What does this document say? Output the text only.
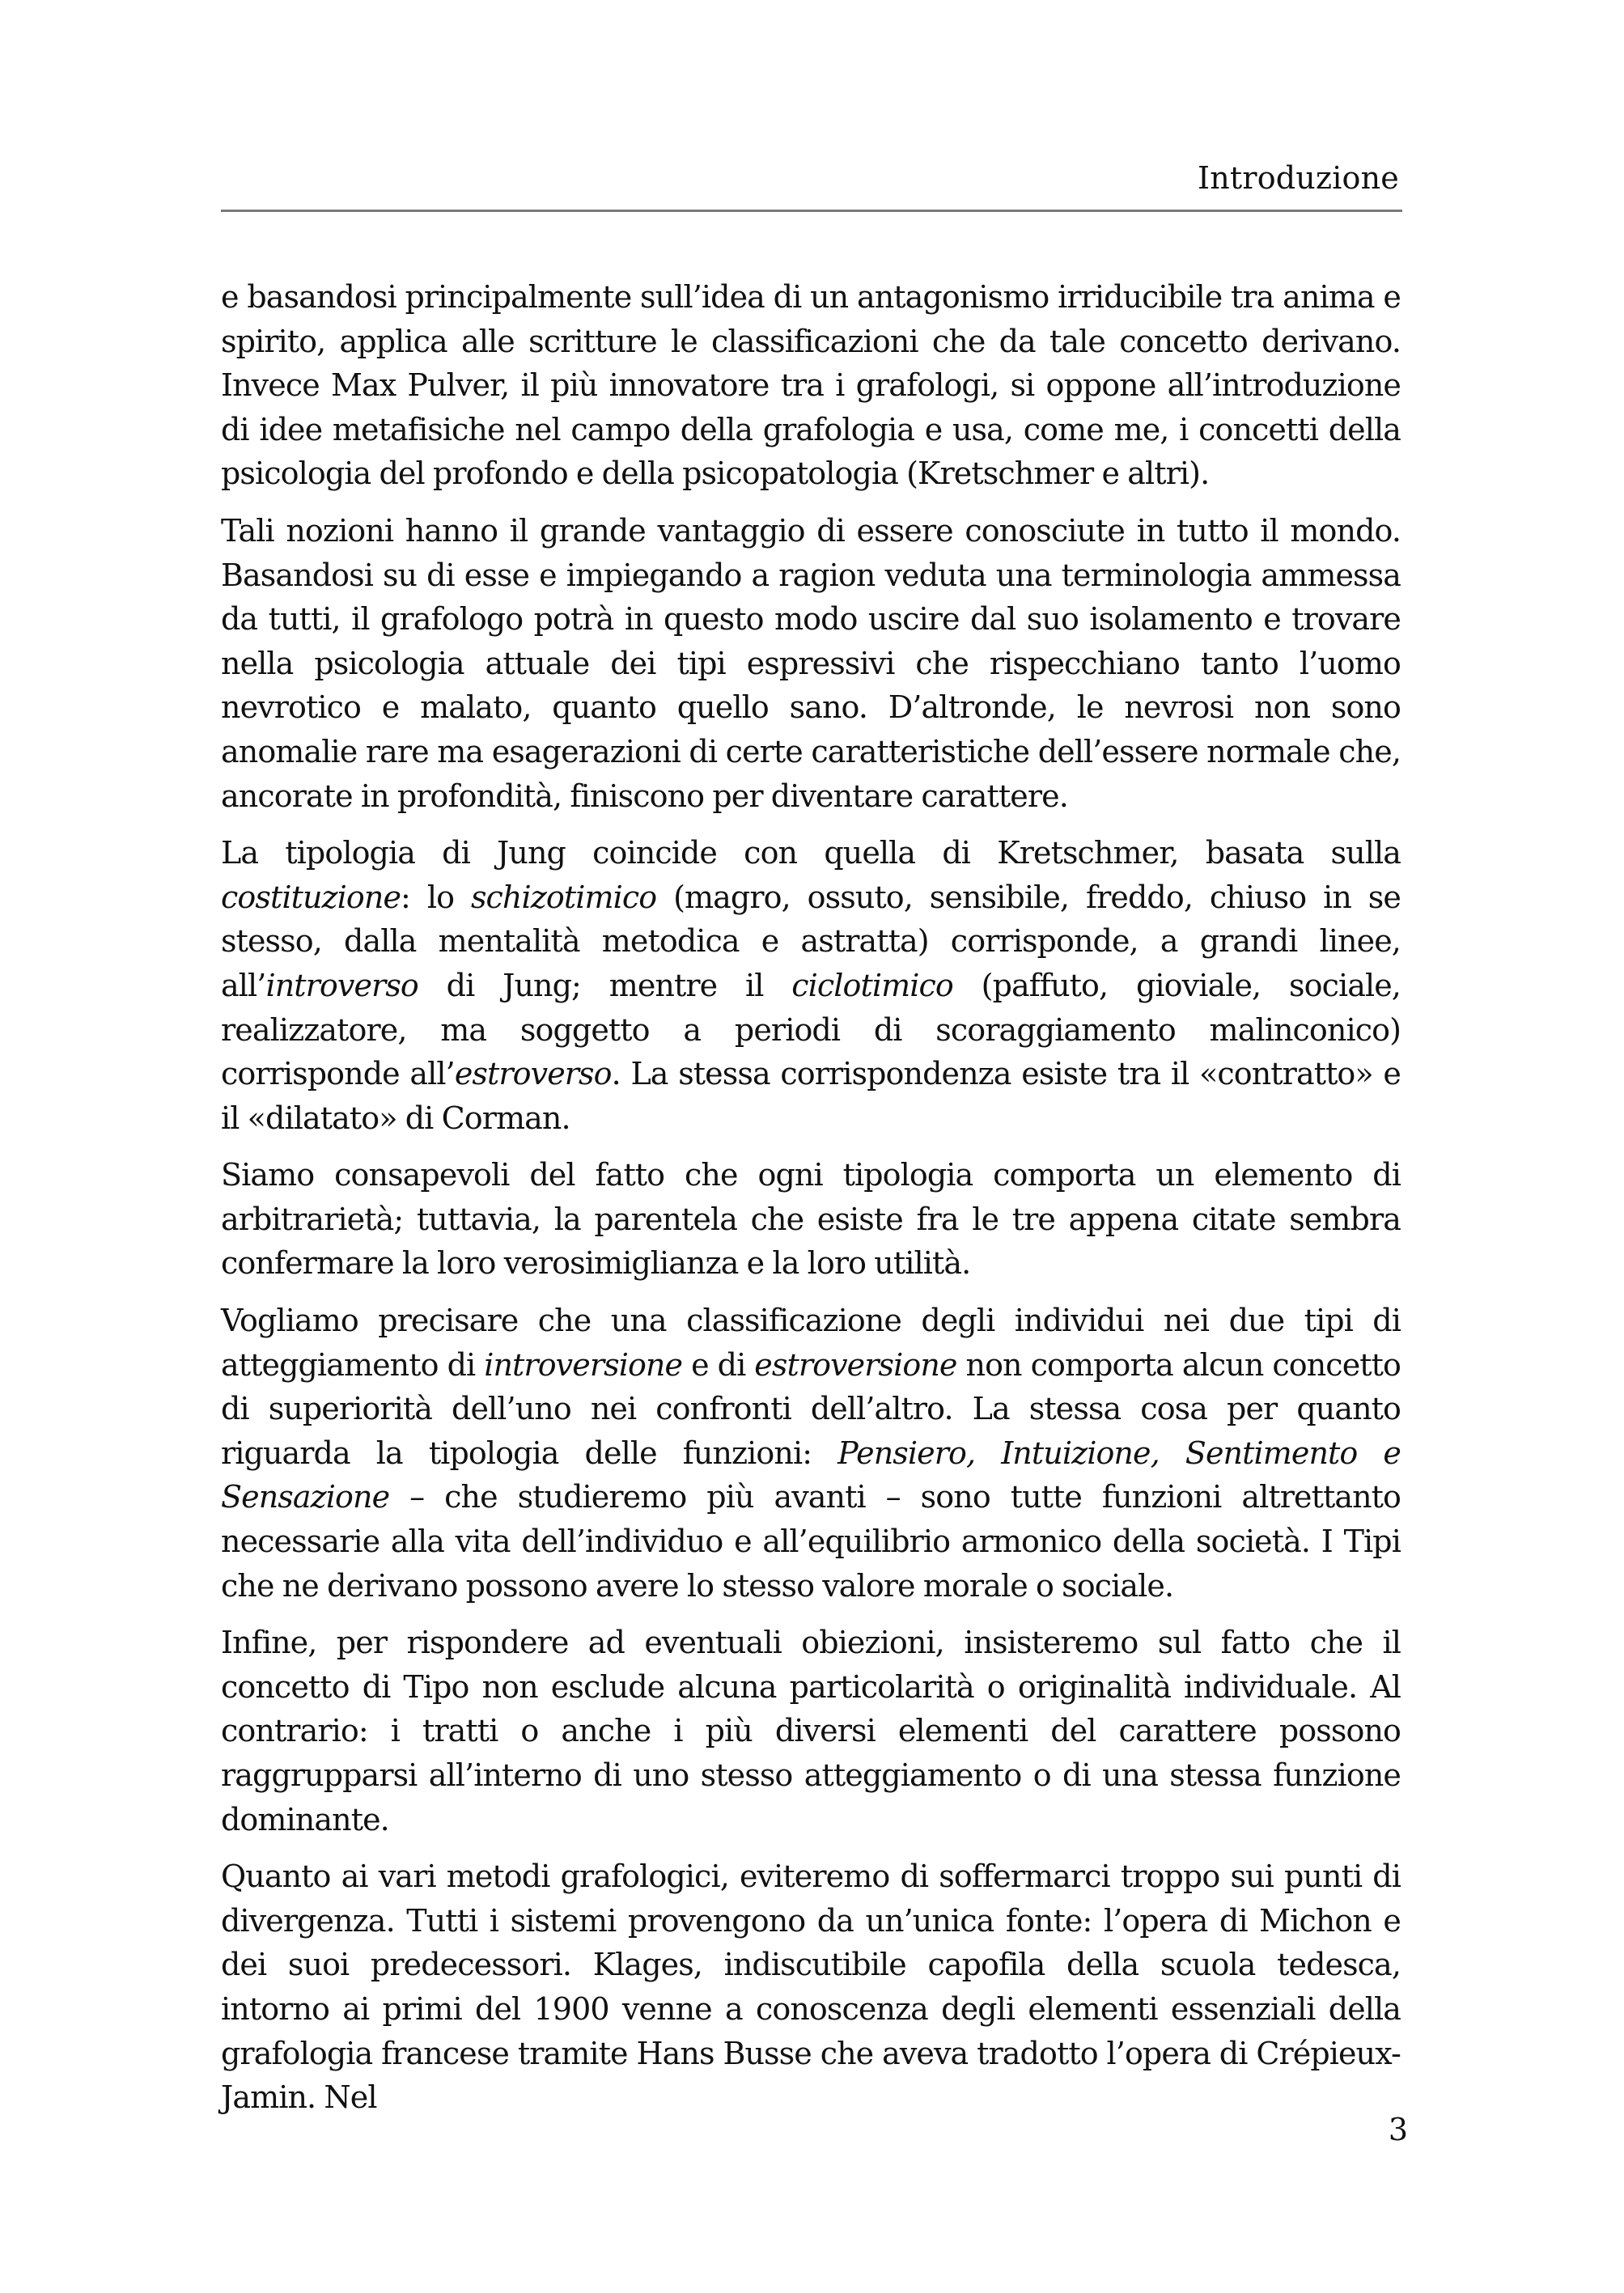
Introduzione

e basandosi principalmente sull’idea di un antagonismo irriducibile tra anima e spirito, applica alle scritture le classificazioni che da tale concetto derivano. Invece Max Pulver, il più innovatore tra i grafologi, si oppone all’introduzione di idee metafisiche nel campo della grafologia e usa, come me, i concetti della psicologia del profondo e della psicopatologia (Kretschmer e altri).

Tali nozioni hanno il grande vantaggio di essere conosciute in tutto il mondo. Basandosi su di esse e impiegando a ragion veduta una terminologia ammessa da tutti, il grafologo potrà in questo modo uscire dal suo isolamento e trovare nella psicologia attuale dei tipi espressivi che rispecchiano tanto l’uomo nevrotico e malato, quanto quello sano. D’altronde, le nevrosi non sono anomalie rare ma esagerazioni di certe caratteristiche dell’essere normale che, ancorate in profondità, finiscono per diventare carattere.

La tipologia di Jung coincide con quella di Kretschmer, basata sulla costituzione: lo schizotimico (magro, ossuto, sensibile, freddo, chiuso in se stesso, dalla mentalità metodica e astratta) corrisponde, a grandi linee, all’introverso di Jung; mentre il ciclotimico (paffuto, gioviale, sociale, realizzatore, ma soggetto a periodi di scoraggiamento malinconico) corrisponde all’estroverso. La stessa corrispondenza esiste tra il «contratto» e il «dilatato» di Corman.

Siamo consapevoli del fatto che ogni tipologia comporta un elemento di arbitrarietà; tuttavia, la parentela che esiste fra le tre appena citate sembra confermare la loro verosimiglianza e la loro utilità.

Vogliamo precisare che una classificazione degli individui nei due tipi di atteggiamento di introversione e di estroversione non comporta alcun concetto di superiorità dell’uno nei confronti dell’altro. La stessa cosa per quanto riguarda la tipologia delle funzioni: Pensiero, Intuizione, Sentimento e Sensazione – che studieremo più avanti – sono tutte funzioni altrettanto necessarie alla vita dell’individuo e all’equilibrio armonico della società. I Tipi che ne derivano possono avere lo stesso valore morale o sociale.

Infine, per rispondere ad eventuali obiezioni, insisteremo sul fatto che il concetto di Tipo non esclude alcuna particolarità o originalità individuale. Al contrario: i tratti o anche i più diversi elementi del carattere possono raggrupparsi all’interno di uno stesso atteggiamento o di una stessa funzione dominante.

Quanto ai vari metodi grafologici, eviteremo di soffermarci troppo sui punti di divergenza. Tutti i sistemi provengono da un’unica fonte: l’opera di Michon e dei suoi predecessori. Klages, indiscutibile capofila della scuola tedesca, intorno ai primi del 1900 venne a conoscenza degli elementi essenziali della grafologia francese tramite Hans Busse che aveva tradotto l’opera di Crépieux-Jamin. Nel

3
